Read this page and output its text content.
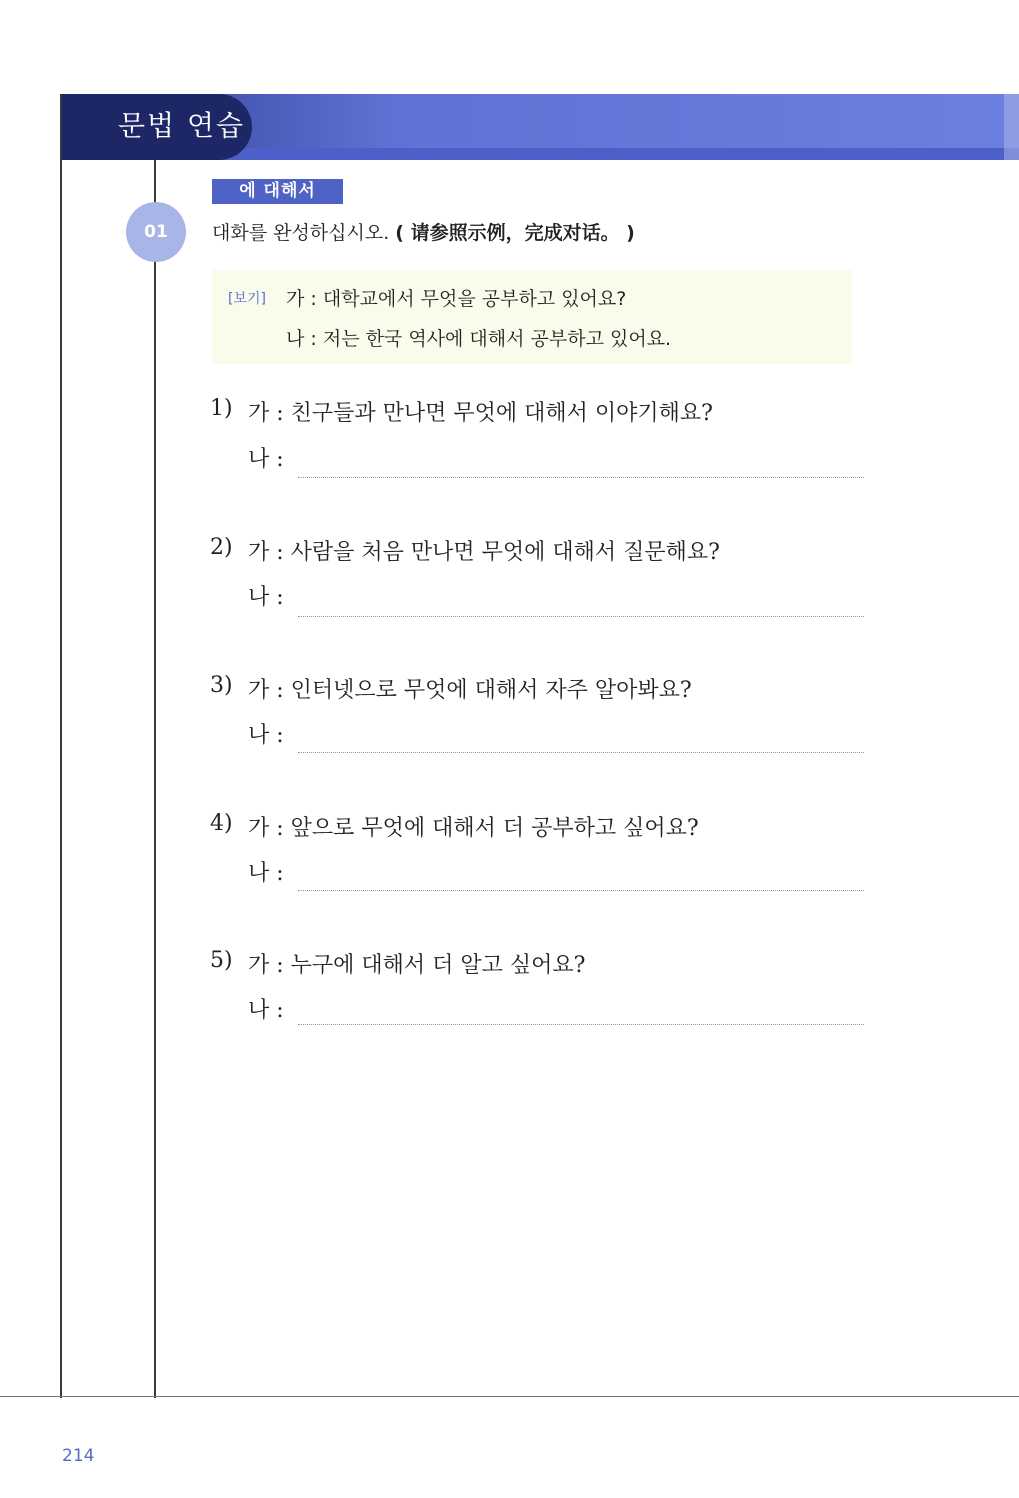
문법 연습
에 대해서
01	대화를 완성하십시오. ( 请参照示例，完成对话。 )
[보기] 가 : 대학교에서 무엇을 공부하고 있어요?
나 : 저는 한국 역사에 대해서 공부하고 있어요.
1) 가 : 친구들과 만나면 무엇에 대해서 이야기해요?
나 :
2) 가 : 사람을 처음 만나면 무엇에 대해서 질문해요?
나 :
3) 가 : 인터넷으로 무엇에 대해서 자주 알아봐요?
나 :
4) 가 : 앞으로 무엇에 대해서 더 공부하고 싶어요?
나 :
5) 가 : 누구에 대해서 더 알고 싶어요?
나 :
214
